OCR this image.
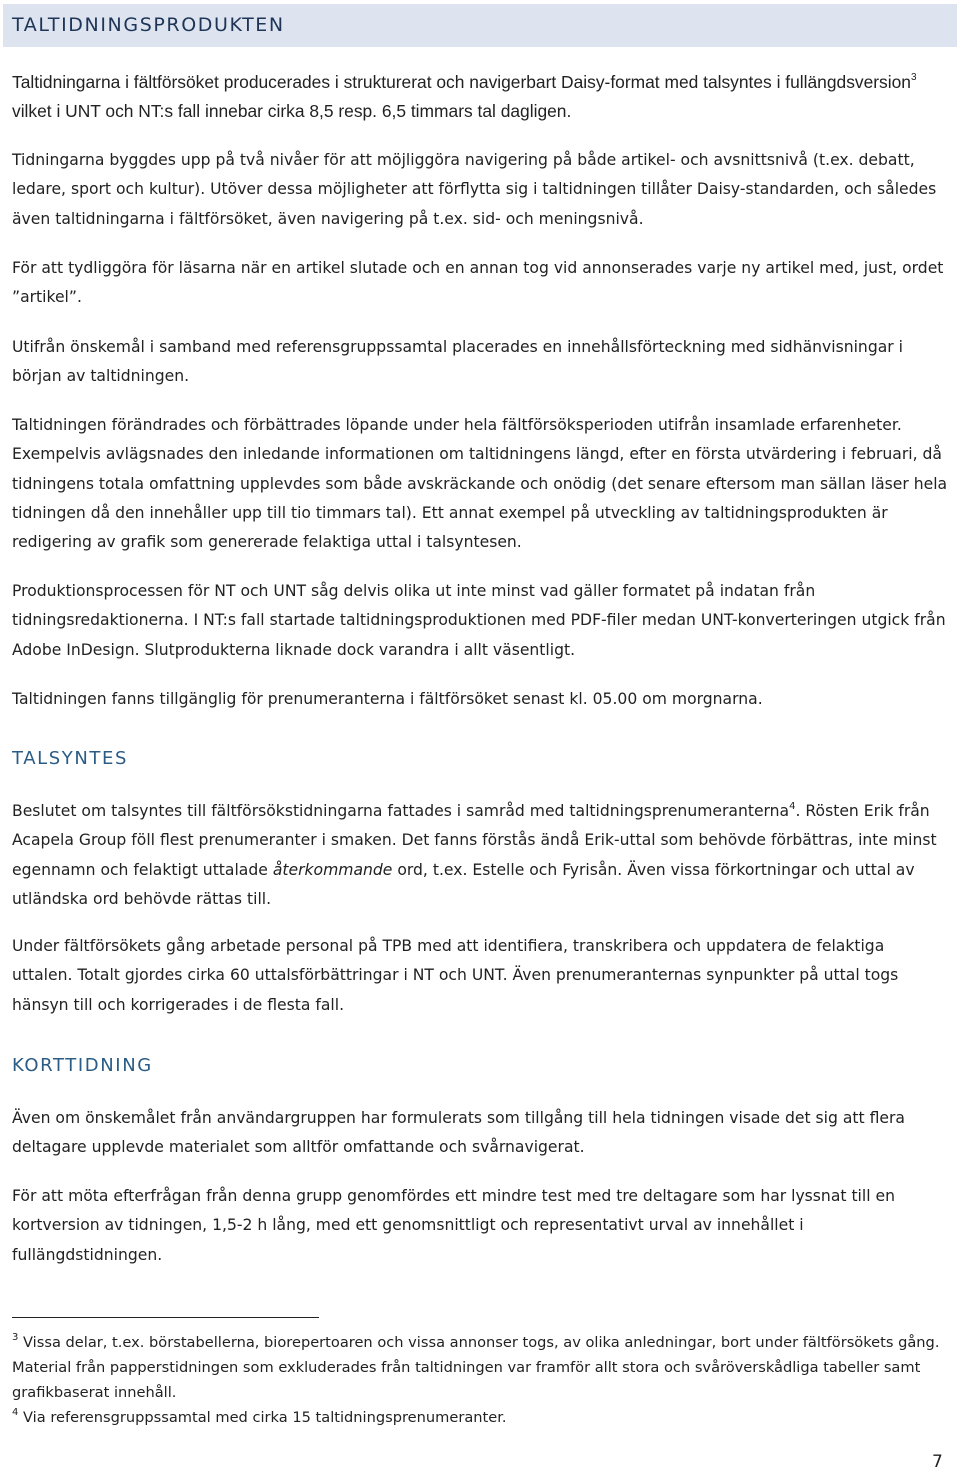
TALTIDNINGSPRODUKTEN

Taltidningarna i fältförsöket producerades i strukturerat och navigerbart Daisy-format med talsyntes i fullängdsversion$^3$ vilket i UNT och NT:s fall innebar cirka 8,5 resp. 6,5 timmars tal dagligen.

Tidningarna byggdes upp på två nivåer för att möjliggöra navigering på både artikel- och avsnittsnivå (t.ex. debatt, ledare, sport och kultur). Utöver dessa möjligheter att förflytta sig i taltidningen tillåter Daisy-standarden, och således även taltidningarna i fältförsöket, även navigering på t.ex. sid- och meningsnivå.

För att tydliggöra för läsarna när en artikel slutade och en annan tog vid annonserades varje ny artikel med, just, ordet ”artikel”.

Utifrån önskemål i samband med referensgruppssamtal placerades en innehållsförteckning med sidhänvisningar i början av taltidningen.

Taltidningen förändrades och förbättrades löpande under hela fältförsöksperioden utifrån insamlade erfarenheter. Exempelvis avlägsnades den inledande informationen om taltidningens längd, efter en första utvärdering i februari, då tidningens totala omfattning upplevdes som både avskräckande och onödig (det senare eftersom man sällan läser hela tidningen då den innehåller upp till tio timmars tal). Ett annat exempel på utveckling av taltidningsprodukten är redigering av grafik som genererade felaktiga uttal i talsyntesen.

Produktionsprocessen för NT och UNT såg delvis olika ut inte minst vad gäller formatet på indatan från tidningsredaktionerna. I NT:s fall startade taltidningsproduktionen med PDF-filer medan UNT-konverteringen utgick från Adobe InDesign. Slutprodukterna liknade dock varandra i allt väsentligt.

Taltidningen fanns tillgänglig för prenumeranterna i fältförsöket senast kl. 05.00 om morgnarna.

TALSYNTES

Beslutet om talsyntes till fältförsökstidningarna fattades i samråd med taltidningsprenumeranterna$^4$. Rösten Erik från Acapela Group föll flest prenumeranter i smaken. Det fanns förstås ändå Erik-uttal som behövde förbättras, inte minst egennamn och felaktigt uttalade återkommande ord, t.ex. Estelle och Fyrisån. Även vissa förkortningar och uttal av utländska ord behövde rättas till.

Under fältförsökets gång arbetade personal på TPB med att identifiera, transkribera och uppdatera de felaktiga uttalen. Totalt gjordes cirka 60 uttalsförbättringar i NT och UNT. Även prenumeranternas synpunkter på uttal togs hänsyn till och korrigerades i de flesta fall.

KORTTIDNING

Även om önskemålet från användargruppen har formulerats som tillgång till hela tidningen visade det sig att flera deltagare upplevde materialet som alltför omfattande och svårnavigerat.

För att möta efterfrågan från denna grupp genomfördes ett mindre test med tre deltagare som har lyssnat till en kortversion av tidningen, 1,5-2 h lång, med ett genomsnittligt och representativt urval av innehållet i fullängdstidningen.

$^3$ Vissa delar, t.ex. börstabellerna, biorepertoaren och vissa annonser togs, av olika anledningar, bort under fältförsökets gång. Material från papperstidningen som exkluderades från taltidningen var framför allt stora och svåröverskådliga tabeller samt grafikbaserat innehåll.

$^4$ Via referensgruppssamtal med cirka 15 taltidningsprenumeranter.

7
